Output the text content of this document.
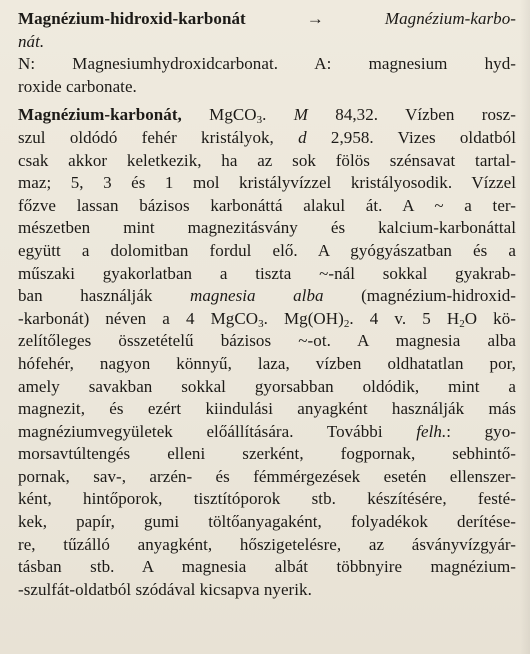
Magnézium-hidroxid-karbonát → Magnézium-karbo-
nát.
N: Magnesiumhydroxidcarbonat. A: magnesium hyd-
roxide carbonate.
Magnézium-karbonát, MgCO$_3$. M 84,32. Vízben rosz-
szul oldódó fehér kristályok, d 2,958. Vizes oldatból
csak akkor keletkezik, ha az sok fölös szénsavat tartal-
maz; 5, 3 és 1 mol kristályvízzel kristályosodik. Vízzel
főzve lassan bázisos karbonáttá alakul át. A ~ a ter-
mészetben mint magnezitásvány és kalcium-karbonáttal
együtt a dolomitban fordul elő. A gyógyászatban és a
műszaki gyakorlatban a tiszta ~-nál sokkal gyakrab-
ban használják magnesia alba (magnézium-hidroxid-
-karbonát) néven a 4 MgCO$_3$. $Mg(OH)_2$. 4 v. 5 $H_2O$ kö-
zelítőleges összetételű bázisos ~-ot. A magnesia alba
hófehér, nagyon könnyű, laza, vízben oldhatatlan por,
amely savakban sokkal gyorsabban oldódik, mint a
magnezit, és ezért kiindulási anyagként használják más
magnéziumvegyületek előállítására. További felh.: gyo-
morsavtúltengés elleni szerként, fogpornak, sebhintő-
pornak, sav-, arzén- és fémmérgezések esetén ellenszer-
ként, hintőporok, tisztítóporok stb. készítésére, festé-
kek, papír, gumi töltőanyagaként, folyadékok derítése-
re, tűzálló anyagként, hőszigetelésre, az ásványvízgyár-
tásban stb. A magnesia albát többnyire magnézium-
-szulfát-oldatból szódával kicsapva nyerik.
